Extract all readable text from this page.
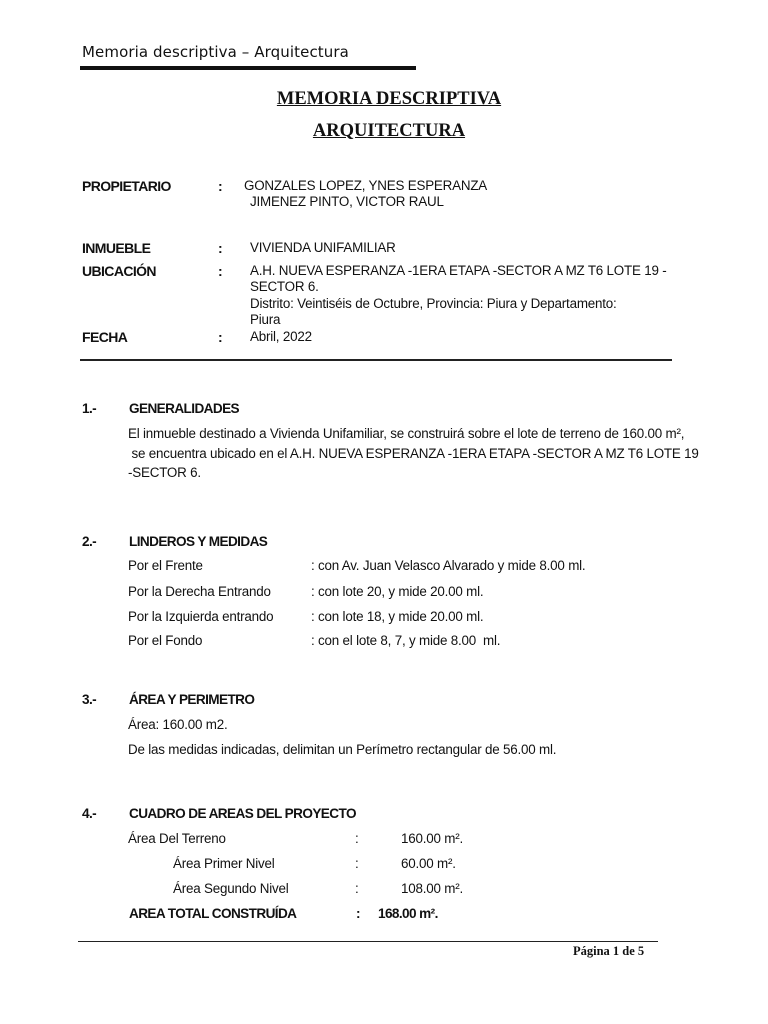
Memoria descriptiva – Arquitectura
MEMORIA DESCRIPTIVA
ARQUITECTURA
PROPIETARIO	: GONZALES LOPEZ, YNES ESPERANZA
JIMENEZ PINTO, VICTOR RAUL
INMUEBLE	: VIVIENDA UNIFAMILIAR
UBICACIÓN	: A.H. NUEVA ESPERANZA -1ERA ETAPA -SECTOR A MZ T6 LOTE 19 -
SECTOR 6.
Distrito: Veintiséis de Octubre, Provincia: Piura y Departamento:
Piura
FECHA	: Abril, 2022
1.- GENERALIDADES
El inmueble destinado a Vivienda Unifamiliar, se construirá sobre el lote de terreno de 160.00 m²,
se encuentra ubicado en el A.H. NUEVA ESPERANZA -1ERA ETAPA -SECTOR A MZ T6 LOTE 19
-SECTOR 6.
2.- LINDEROS Y MEDIDAS
Por el Frente	: con Av. Juan Velasco Alvarado y mide 8.00 ml.
Por la Derecha Entrando	: con lote 20, y mide 20.00 ml.
Por la Izquierda entrando	: con lote 18, y mide 20.00 ml.
Por el Fondo	: con el lote 8, 7, y mide 8.00  ml.
3.- ÁREA Y PERIMETRO
Área: 160.00 m2.
De las medidas indicadas, delimitan un Perímetro rectangular de 56.00 ml.
4.- CUADRO DE AREAS DEL PROYECTO
Área Del Terreno	:	160.00 m².
Área Primer Nivel	:	60.00 m².
Área Segundo Nivel	:	108.00 m².
AREA TOTAL CONSTRUÍDA	: 168.00 m².
Página 1 de 5
